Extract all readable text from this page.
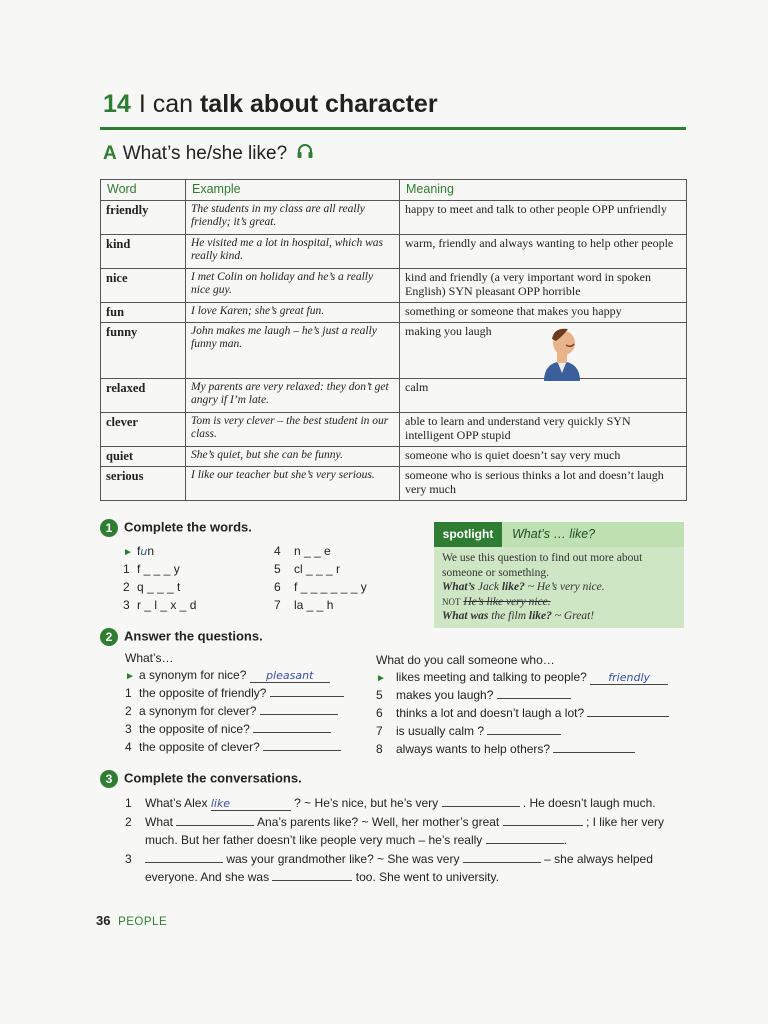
14 I can talk about character
A What’s he/she like?
Word	Example	Meaning
friendly	The students in my class are all really friendly; it’s great.	happy to meet and talk to other people OPP unfriendly
kind	He visited me a lot in hospital, which was really kind.	warm, friendly and always wanting to help other people
nice	I met Colin on holiday and he’s a really nice guy.	kind and friendly (a very important word in spoken English) SYN pleasant OPP horrible
fun	I love Karen; she’s great fun.	something or someone that makes you happy
funny	John makes me laugh – he’s just a really funny man.	making you laugh

relaxed	My parents are very relaxed: they don’t get angry if I’m late.	calm
clever	Tom is very clever – the best student in our class.	able to learn and understand very quickly SYN intelligent OPP stupid
quiet	She’s quiet, but she can be funny.	someone who is quiet doesn’t say very much
serious	I like our teacher but she’s very serious.	someone who is serious thinks a lot and doesn’t laugh very much
1 Complete the words.
► fun
1 f _ _ _ y
2 q _ _ _ t
3 r _ l _ x _ d
4 n _ _ e
5 cl _ _ _ r
6 f _ _ _ _ _ _ y
7 la _ _ h
spotlight	What’s … like?
We use this question to find out more about
someone or something.
What’s Jack like? ~ He’s very nice.
NOT He’s like very nice.
What was the film like? ~ Great!
2 Answer the questions.
What’s…
► a synonym for nice? pleasant
1 the opposite of friendly?
2 a synonym for clever?
3 the opposite of nice?
4 the opposite of clever?
What do you call someone who…
► likes meeting and talking to people? friendly
5 makes you laugh?
6 thinks a lot and doesn’t laugh a lot?
7 is usually calm ?
8 always wants to help others?
3 Complete the conversations.
1 What’s Alex like	? ~ He’s nice, but he’s very	. He doesn’t laugh much.
2 What	Ana’s parents like? ~ Well, her mother’s great	; I like her very
much. But her father doesn’t like people very much – he’s really	.
3	was your grandmother like? ~ She was very	– she always helped
everyone. And she was	too. She went to university.
36 PEOPLE
